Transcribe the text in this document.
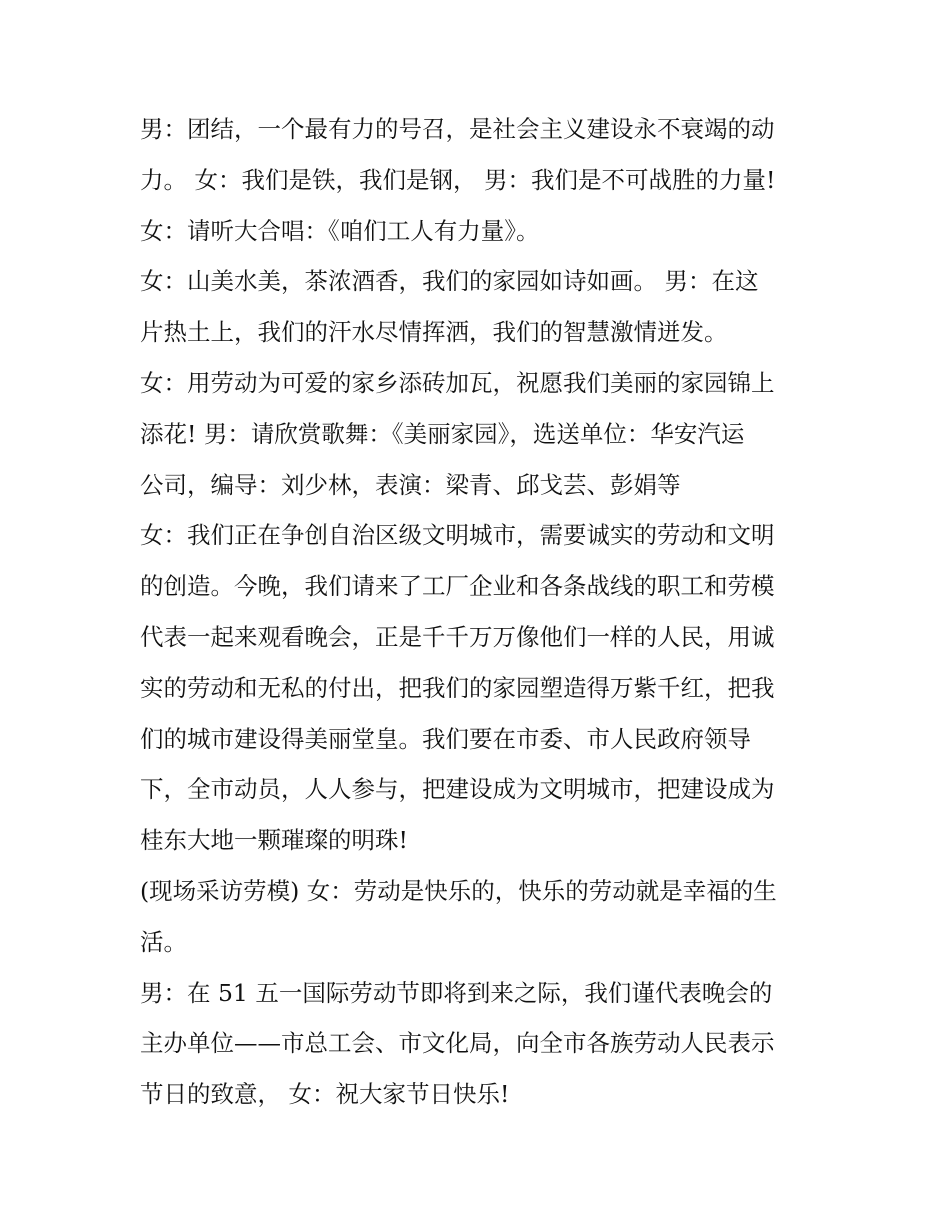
男：团结，一个最有力的号召，是社会主义建设永不衰竭的动
力。 女：我们是铁，我们是钢， 男：我们是不可战胜的力量!
女：请听大合唱：《咱们工人有力量》。
女：山美水美，茶浓酒香，我们的家园如诗如画。 男：在这
片热土上，我们的汗水尽情挥洒，我们的智慧激情迸发。
女：用劳动为可爱的家乡添砖加瓦，祝愿我们美丽的家园锦上
添花! 男：请欣赏歌舞：《美丽家园》，选送单位：华安汽运
公司，编导：刘少林，表演：梁青、邱戈芸、彭娟等
女：我们正在争创自治区级文明城市，需要诚实的劳动和文明
的创造。今晚，我们请来了工厂企业和各条战线的职工和劳模
代表一起来观看晚会，正是千千万万像他们一样的人民，用诚
实的劳动和无私的付出，把我们的家园塑造得万紫千红，把我
们的城市建设得美丽堂皇。我们要在市委、市人民政府领导
下，全市动员，人人参与，把建设成为文明城市，把建设成为
桂东大地一颗璀璨的明珠!
(现场采访劳模) 女：劳动是快乐的，快乐的劳动就是幸福的生
活。
男：在 51 五一国际劳动节即将到来之际，我们谨代表晚会的
主办单位——市总工会、市文化局，向全市各族劳动人民表示
节日的致意， 女：祝大家节日快乐!
